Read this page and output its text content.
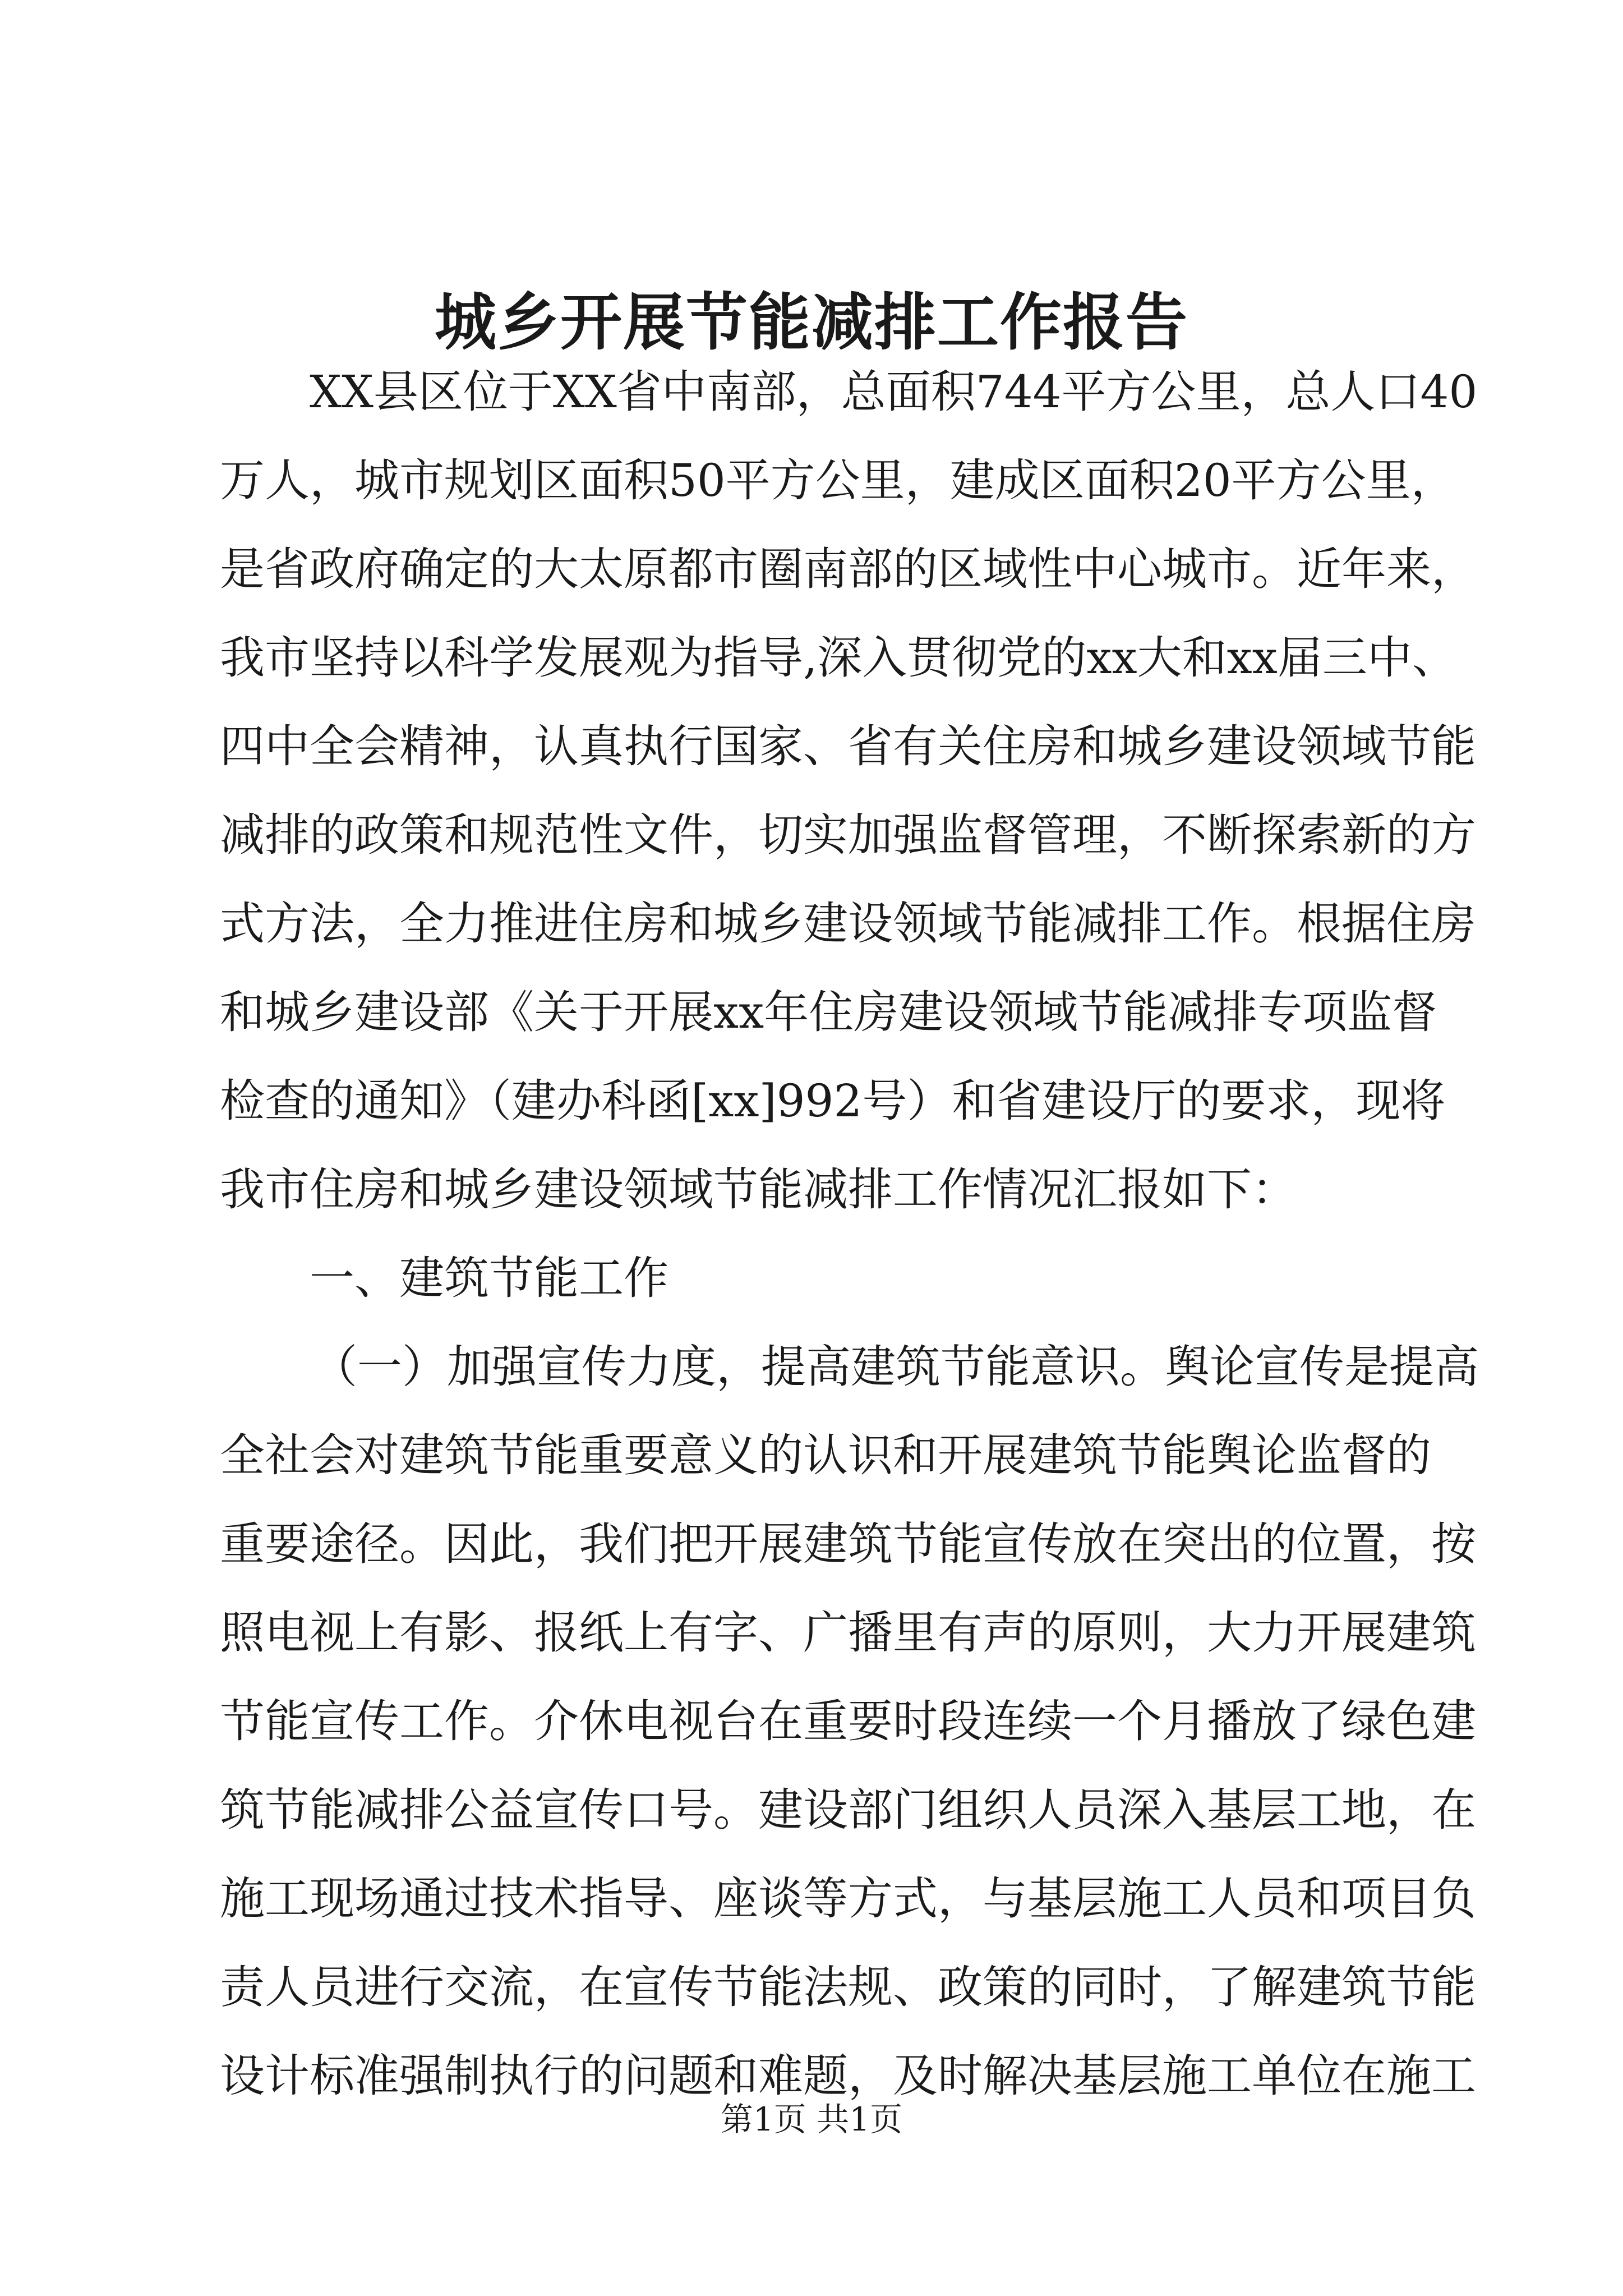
城乡开展节能减排工作报告
XX县区位于XX省中南部，总面积744平方公里，总人口40
万人，城市规划区面积50平方公里，建成区面积20平方公里，
是省政府确定的大太原都市圈南部的区域性中心城市。近年来，
我市坚持以科学发展观为指导,深入贯彻党的xx大和xx届三中、
四中全会精神，认真执行国家、省有关住房和城乡建设领域节能
减排的政策和规范性文件，切实加强监督管理，不断探索新的方
式方法，全力推进住房和城乡建设领域节能减排工作。根据住房
和城乡建设部《关于开展xx年住房建设领域节能减排专项监督
检查的通知》（建办科函[xx]992号）和省建设厅的要求，现将
我市住房和城乡建设领域节能减排工作情况汇报如下：
一、建筑节能工作
（一）加强宣传力度，提高建筑节能意识。舆论宣传是提高
全社会对建筑节能重要意义的认识和开展建筑节能舆论监督的
重要途径。因此，我们把开展建筑节能宣传放在突出的位置，按
照电视上有影、报纸上有字、广播里有声的原则，大力开展建筑
节能宣传工作。介休电视台在重要时段连续一个月播放了绿色建
筑节能减排公益宣传口号。建设部门组织人员深入基层工地，在
施工现场通过技术指导、座谈等方式，与基层施工人员和项目负
责人员进行交流，在宣传节能法规、政策的同时，了解建筑节能
设计标准强制执行的问题和难题，及时解决基层施工单位在施工
第1页 共1页
